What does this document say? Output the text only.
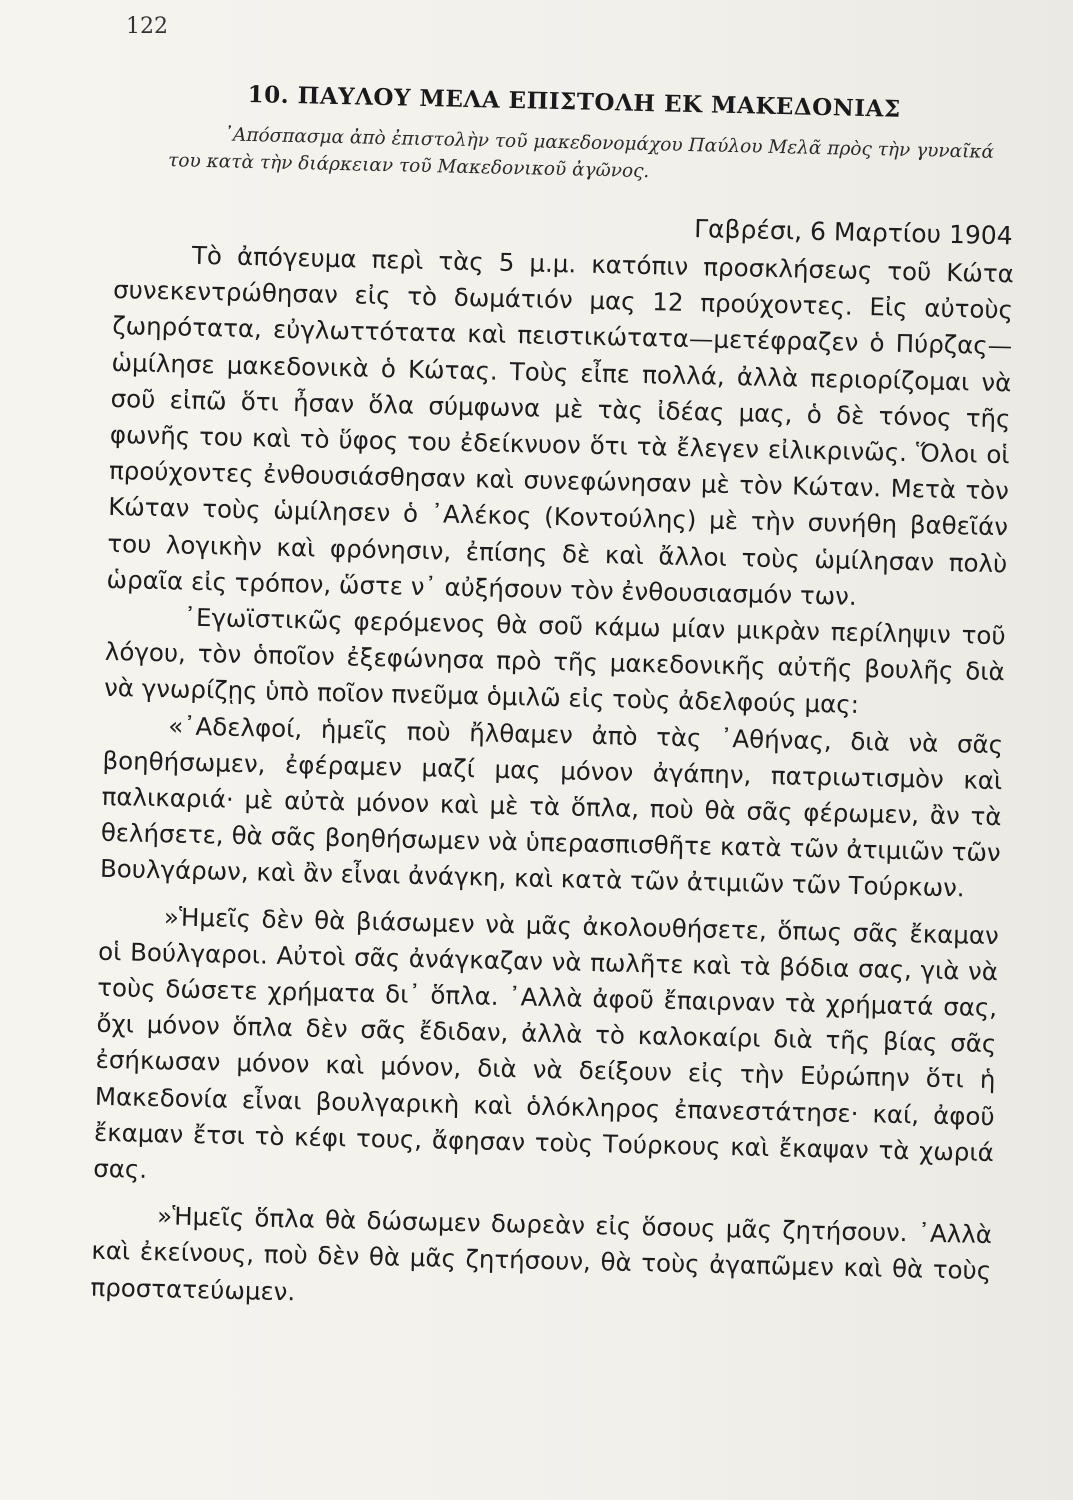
122
10. ΠΑΥΛΟΥ ΜΕΛΑ ΕΠΙΣΤΟΛΗ ΕΚ ΜΑΚΕΔΟΝΙΑΣ
᾿Απόσπασμα ἀπὸ ἐπιστολὴν τοῦ μακεδονομάχου Παύλου Μελᾶ πρὸς τὴν γυναῖκά του κατὰ τὴν διάρκειαν τοῦ Μακεδονικοῦ ἀγῶνος.
Γαβρέσι, 6 Μαρτίου 1904

Τὸ ἀπόγευμα περὶ τὰς 5 μ.μ. κατόπιν προσκλήσεως τοῦ Κώτα συνεκεντρώθησαν εἰς τὸ δωμάτιόν μας 12 προύχοντες. Εἰς αὐτοὺς ζωηρότατα, εὐγλωττότατα καὶ πειστικώτατα—μετέφραζεν ὁ Πύρζας—ὡμίλησε μακεδονικὰ ὁ Κώτας. Τοὺς εἶπε πολλά, ἀλλὰ περιορίζομαι νὰ σοῦ εἰπῶ ὅτι ἦσαν ὅλα σύμφωνα μὲ τὰς ἰδέας μας, ὁ δὲ τόνος τῆς φωνῆς του καὶ τὸ ὕφος του ἐδείκνυον ὅτι τὰ ἔλεγεν εἰλικρινῶς. Ὅλοι οἱ προύχοντες ἐνθουσιάσθησαν καὶ συνεφώνησαν μὲ τὸν Κώταν. Μετὰ τὸν Κώταν τοὺς ὡμίλησεν ὁ ᾿Αλέκος (Κοντούλης) μὲ τὴν συνήθη βαθεῖάν του λογικὴν καὶ φρόνησιν, ἐπίσης δὲ καὶ ἄλλοι τοὺς ὡμίλησαν πολὺ ὡραῖα εἰς τρόπον, ὥστε ν᾿ αὐξήσουν τὸν ἐνθουσιασμόν των.

᾿Εγωϊστικῶς φερόμενος θὰ σοῦ κάμω μίαν μικρὰν περίληψιν τοῦ λόγου, τὸν ὁποῖον ἐξεφώνησα πρὸ τῆς μακεδονικῆς αὐτῆς βουλῆς διὰ νὰ γνωρίζῃς ὑπὸ ποῖον πνεῦμα ὁμιλῶ εἰς τοὺς ἀδελφούς μας:

«᾿Αδελφοί, ἡμεῖς ποὺ ἤλθαμεν ἀπὸ τὰς ᾿Αθήνας, διὰ νὰ σᾶς βοηθήσωμεν, ἐφέραμεν μαζί μας μόνον ἀγάπην, πατριωτισμὸν καὶ παλικαριά· μὲ αὐτὰ μόνον καὶ μὲ τὰ ὅπλα, ποὺ θὰ σᾶς φέρωμεν, ἂν τὰ θελήσετε, θὰ σᾶς βοηθήσωμεν νὰ ὑπερασπισθῆτε κατὰ τῶν ἀτιμιῶν τῶν Βουλγάρων, καὶ ἂν εἶναι ἀνάγκη, καὶ κατὰ τῶν ἀτιμιῶν τῶν Τούρκων.

»Ἡμεῖς δὲν θὰ βιάσωμεν νὰ μᾶς ἀκολουθήσετε, ὅπως σᾶς ἔκαμαν οἱ Βούλγαροι. Αὐτοὶ σᾶς ἀνάγκαζαν νὰ πωλῆτε καὶ τὰ βόδια σας, γιὰ νὰ τοὺς δώσετε χρήματα δι᾿ ὅπλα. ᾿Αλλὰ ἀφοῦ ἔπαιρναν τὰ χρήματά σας, ὄχι μόνον ὅπλα δὲν σᾶς ἔδιδαν, ἀλλὰ τὸ καλοκαίρι διὰ τῆς βίας σᾶς ἐσήκωσαν μόνον καὶ μόνον, διὰ νὰ δείξουν εἰς τὴν Εὐρώπην ὅτι ἡ Μακεδονία εἶναι βουλγαρικὴ καὶ ὁλόκληρος ἐπανεστάτησε· καί, ἀφοῦ ἔκαμαν ἔτσι τὸ κέφι τους, ἄφησαν τοὺς Τούρκους καὶ ἔκαψαν τὰ χωριά σας.

»Ἡμεῖς ὅπλα θὰ δώσωμεν δωρεὰν εἰς ὅσους μᾶς ζητήσουν. ᾿Αλλὰ καὶ ἐκείνους, ποὺ δὲν θὰ μᾶς ζητήσουν, θὰ τοὺς ἀγαπῶμεν καὶ θὰ τοὺς προστατεύωμεν.
